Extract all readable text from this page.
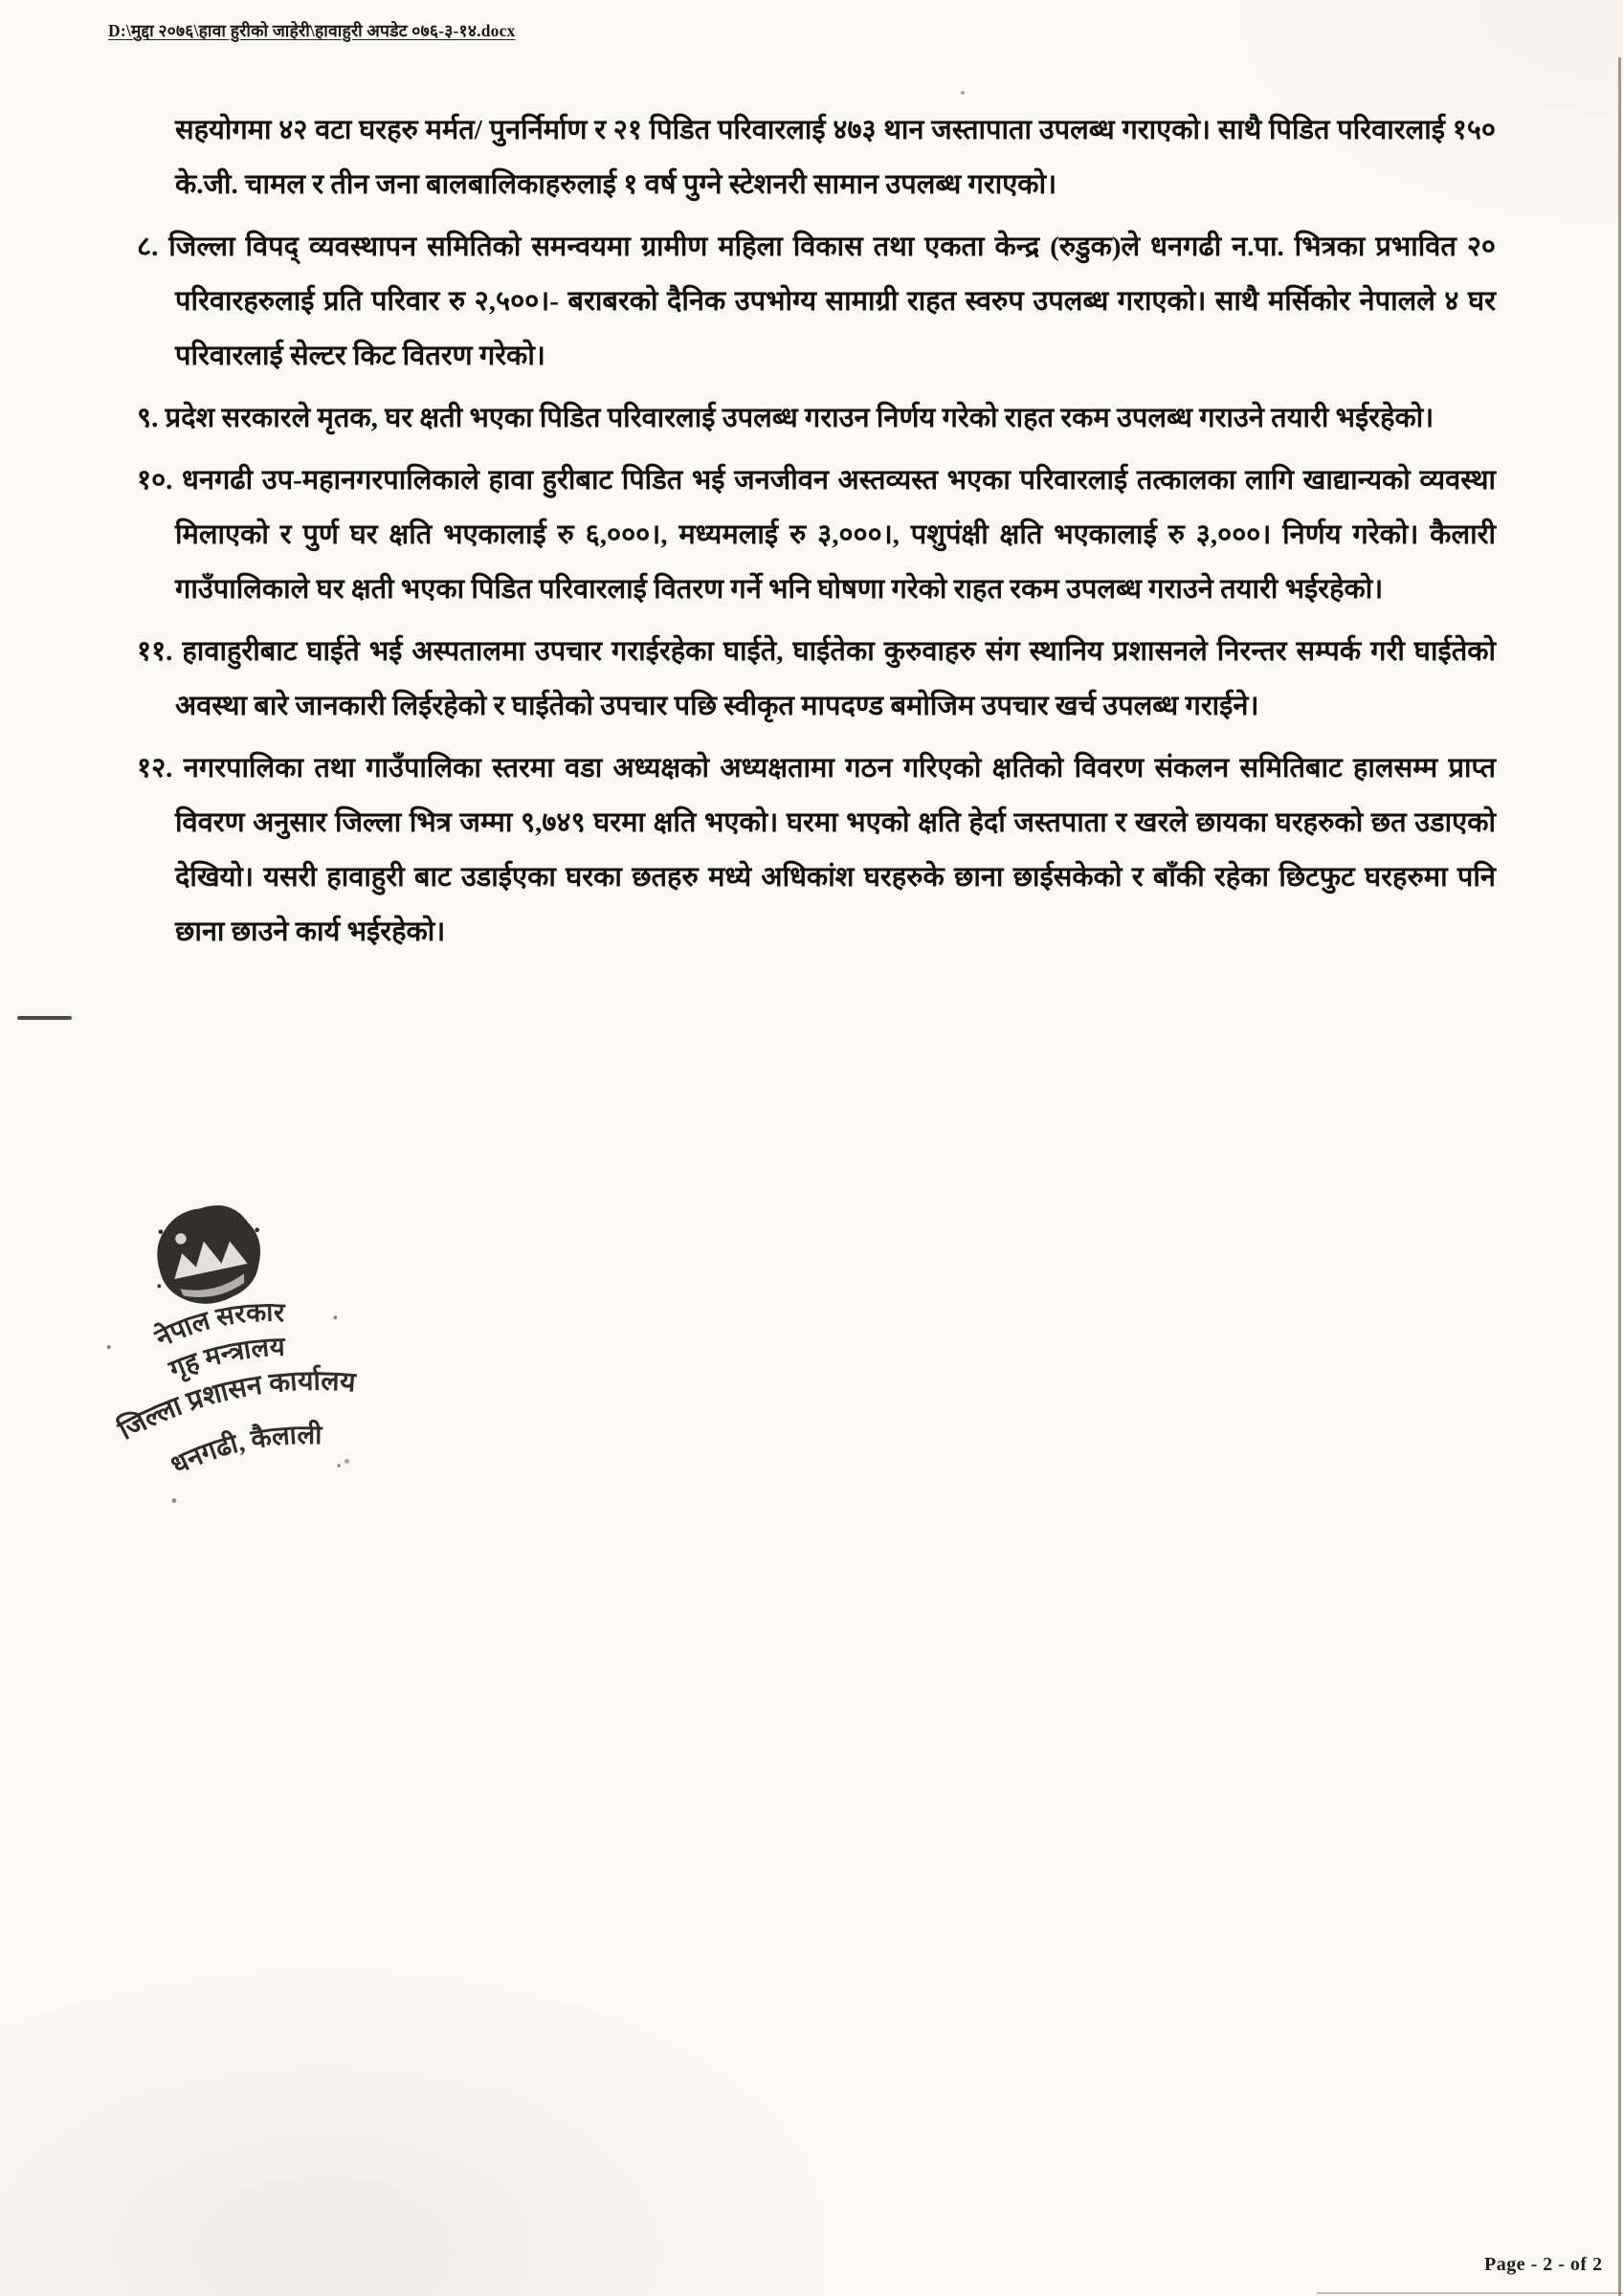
D:\मुद्दा २०७६\हावा हुरीको जाहेरी\हावाहुरी अपडेट ०७६-३-१४.docx

सहयोगमा ४२ वटा घरहरु मर्मत/ पुनर्निर्माण र २१ पिडित परिवारलाई ४७३ थान जस्तापाता उपलब्ध गराएको। साथै पिडित परिवारलाई १५० के.जी. चामल र तीन जना बालबालिकाहरुलाई १ वर्ष पुग्ने स्टेशनरी सामान उपलब्ध गराएको।

८. जिल्ला विपद् व्यवस्थापन समितिको समन्वयमा ग्रामीण महिला विकास तथा एकता केन्द्र (रुडुक)ले धनगढी न.पा. भित्रका प्रभावित २० परिवारहरुलाई प्रति परिवार रु २,५००।- बराबरको दैनिक उपभोग्य सामाग्री राहत स्वरुप उपलब्ध गराएको। साथै मर्सिकोर नेपालले ४ घर परिवारलाई सेल्टर किट वितरण गरेको।

९. प्रदेश सरकारले मृतक, घर क्षती भएका पिडित परिवारलाई उपलब्ध गराउन निर्णय गरेको राहत रकम उपलब्ध गराउने तयारी भईरहेको।

१०. धनगढी उप-महानगरपालिकाले हावा हुरीबाट पिडित भई जनजीवन अस्तव्यस्त भएका परिवारलाई तत्कालका लागि खाद्यान्यको व्यवस्था मिलाएको र पुर्ण घर क्षति भएकालाई रु ६,०००।, मध्यमलाई रु ३,०००।, पशुपंक्षी क्षति भएकालाई रु ३,०००। निर्णय गरेको। कैलारी गाउँपालिकाले घर क्षती भएका पिडित परिवारलाई वितरण गर्ने भनि घोषणा गरेको राहत रकम उपलब्ध गराउने तयारी भईरहेको।

११. हावाहुरीबाट घाईते भई अस्पतालमा उपचार गराईरहेका घाईते, घाईतेका कुरुवाहरु संग स्थानिय प्रशासनले निरन्तर सम्पर्क गरी घाईतेको अवस्था बारे जानकारी लिईरहेको र घाईतेको उपचार पछि स्वीकृत मापदण्ड बमोजिम उपचार खर्च उपलब्ध गराईने।

१२. नगरपालिका तथा गाउँपालिका स्तरमा वडा अध्यक्षको अध्यक्षतामा गठन गरिएको क्षतिको विवरण संकलन समितिबाट हालसम्म प्राप्त विवरण अनुसार जिल्ला भित्र जम्मा ९,७४९ घरमा क्षति भएको। घरमा भएको क्षति हेर्दा जस्तपाता र खरले छायका घरहरुको छत उडाएको देखियो। यसरी हावाहुरी बाट उडाईएका घरका छतहरु मध्ये अधिकांश घरहरुके छाना छाईसकेको र बाँकी रहेका छिटफुट घरहरुमा पनि छाना छाउने कार्य भईरहेको।

नेपाल सरकार
गृह मन्त्रालय
जिल्ला प्रशासन कार्यालय
धनगढी, कैलाली
Page - 2 - of 2
